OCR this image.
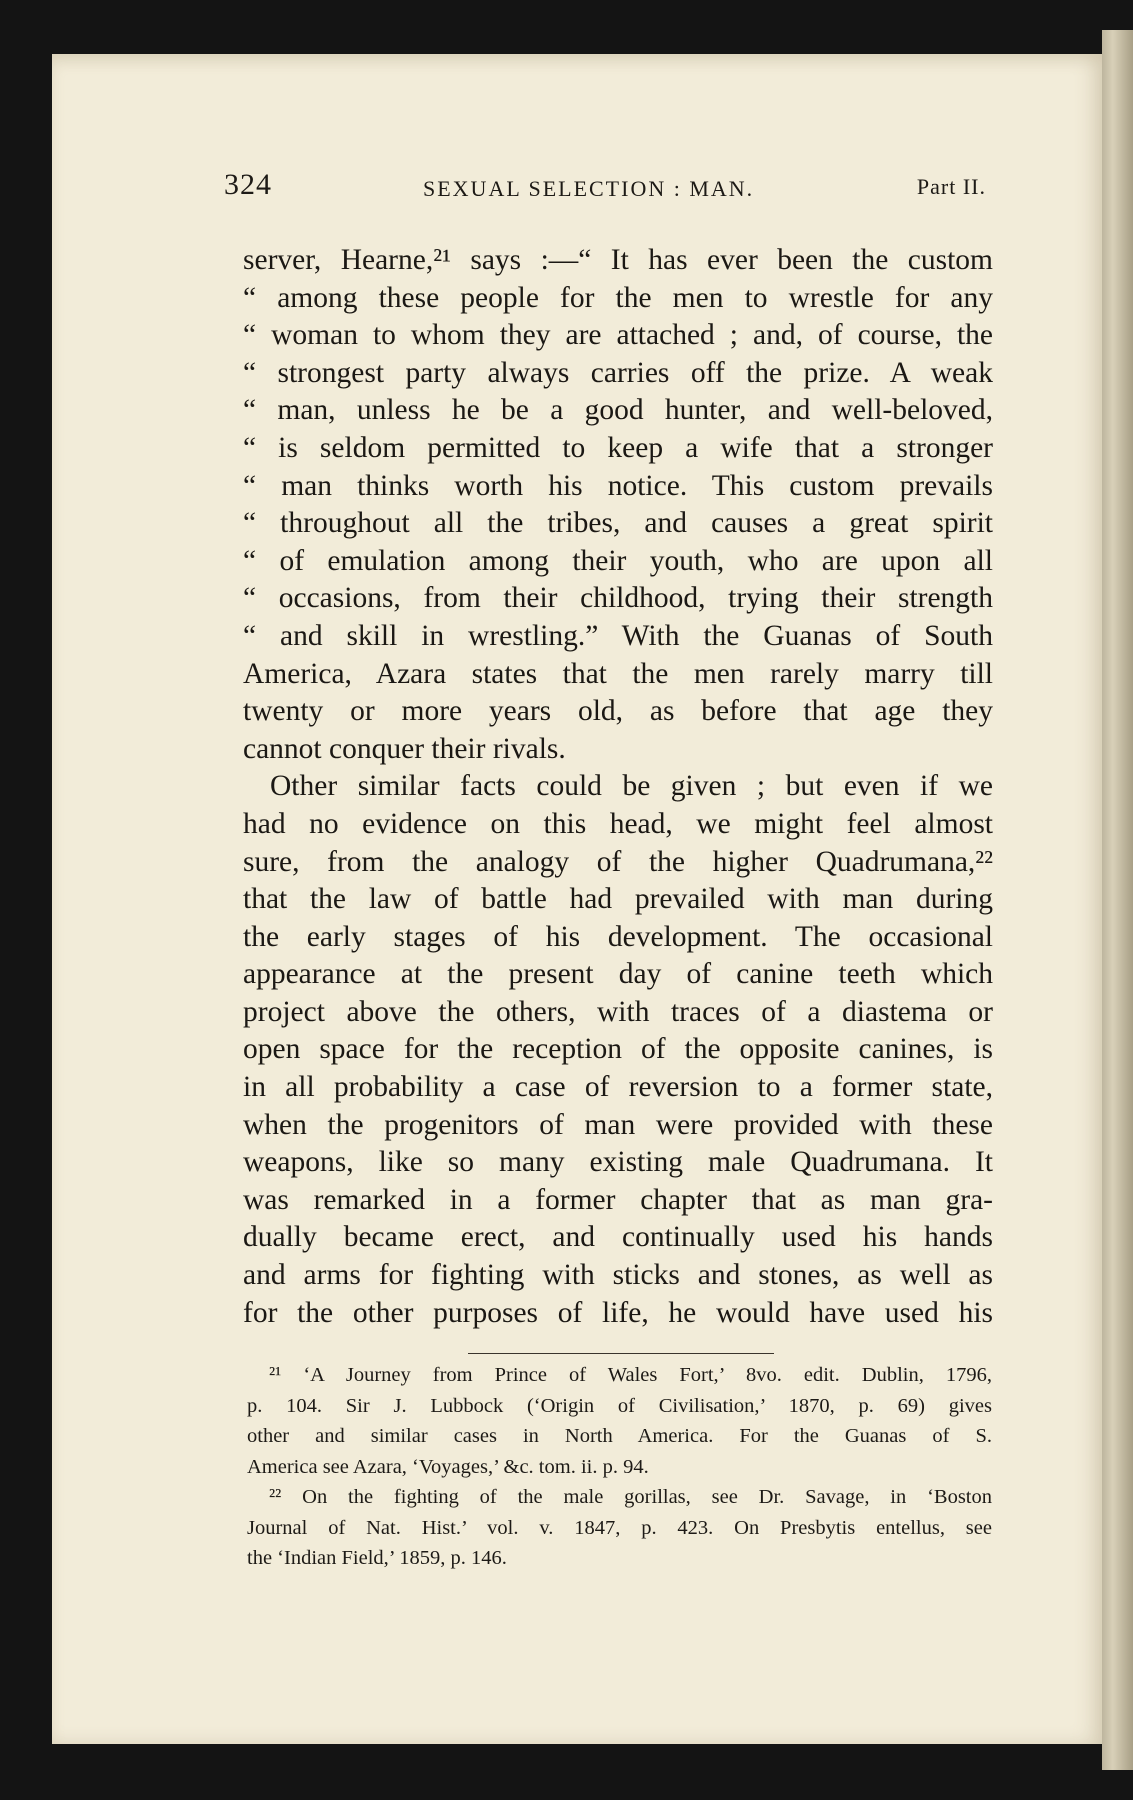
324	SEXUAL SELECTION : MAN.	Part II.
server, Hearne,²¹ says :—“ It has ever been the custom
“ among these people for the men to wrestle for any
“ woman to whom they are attached ; and, of course, the
“ strongest party always carries off the prize. A weak
“ man, unless he be a good hunter, and well-beloved,
“ is seldom permitted to keep a wife that a stronger
“ man thinks worth his notice. This custom prevails
“ throughout all the tribes, and causes a great spirit
“ of emulation among their youth, who are upon all
“ occasions, from their childhood, trying their strength
“ and skill in wrestling.” With the Guanas of South
America, Azara states that the men rarely marry till
twenty or more years old, as before that age they
cannot conquer their rivals.
Other similar facts could be given ; but even if we
had no evidence on this head, we might feel almost
sure, from the analogy of the higher Quadrumana,²²
that the law of battle had prevailed with man during
the early stages of his development. The occasional
appearance at the present day of canine teeth which
project above the others, with traces of a diastema or
open space for the reception of the opposite canines, is
in all probability a case of reversion to a former state,
when the progenitors of man were provided with these
weapons, like so many existing male Quadrumana. It
was remarked in a former chapter that as man gra-
dually became erect, and continually used his hands
and arms for fighting with sticks and stones, as well as
for the other purposes of life, he would have used his
²¹ ‘A Journey from Prince of Wales Fort,’ 8vo. edit. Dublin, 1796,
p. 104. Sir J. Lubbock (‘Origin of Civilisation,’ 1870, p. 69) gives
other and similar cases in North America. For the Guanas of S.
America see Azara, ‘Voyages,’ &c. tom. ii. p. 94.
²² On the fighting of the male gorillas, see Dr. Savage, in ‘Boston
Journal of Nat. Hist.’ vol. v. 1847, p. 423. On Presbytis entellus, see
the ‘Indian Field,’ 1859, p. 146.
